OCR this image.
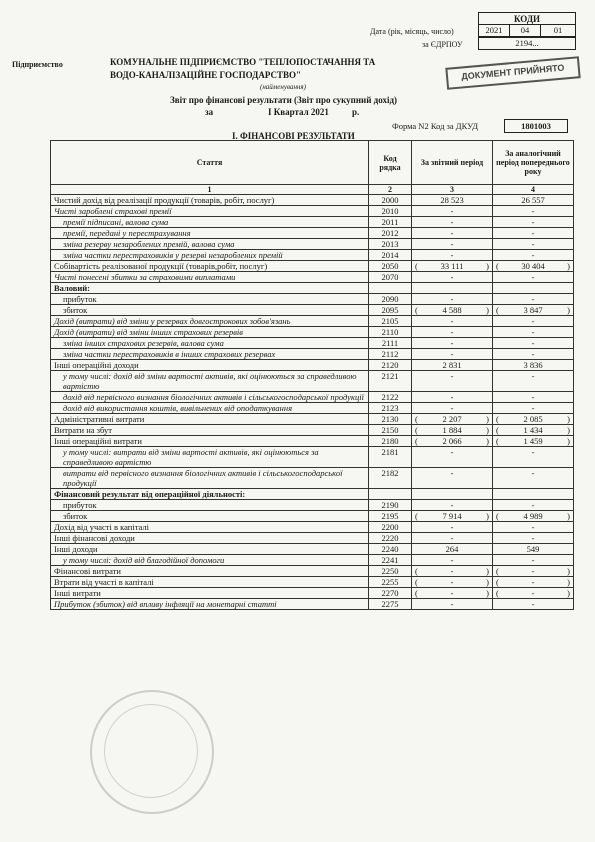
КОДИ
Дата (рік, місяць, число)	2021	04	01
за ЄДРПОУ	2194...
Підприємство	КОМУНАЛЬНЕ ПІДПРИЄМСТВО "ТЕПЛОПОСТАЧАННЯ ТА
ВОДО-КАНАЛІЗАЦІЙНЕ ГОСПОДАРСТВО"
(найменування)
ДОКУМЕНТ ПРИЙНЯТО
Звіт про фінансові результати (Звіт про сукупний дохід)
за	І Квартал 2021	р.
Форма N2 Код за ДКУД	1801003
І. ФІНАНСОВІ РЕЗУЛЬТАТИ
Стаття	Код рядка	За звітний період	За аналогічний період попереднього року
1	2	3	4
Чистий дохід від реалізації продукції (товарів, робіт, послуг)	2000	28 523	26 557
Чисті зароблені страхові премії	2010	-	-
премії підписані, валова сума	2011	-	-
премії, передані у перестрахування	2012	-	-
зміна резерву незароблених премій, валова сума	2013	-	-
зміна частки перестраховиків у резерві незароблених премій	2014	-	-
Собівартість реалізованої продукції (товарів,робіт, послуг)	2050	( 33 111 )	( 30 404 )

Чисті понесені збитки за страховими виплатами	2070	-	-
Валовий:			
прибуток	2090	-	-
збиток	2095	( 4 588 )	( 3 847 )

Дохід (витрати) від зміни у резервах довгострокових зобов'язань	2105	-	-
Дохід (витрати) від зміни інших страхових резервів	2110	-	-
зміна інших страхових резервів, валова сума	2111	-	-
зміна частки перестраховиків в інших страхових резервах	2112	-	-
Інші операційні доходи	2120	2 831	3 836
у тому числі: дохід від зміни вартості активів, які оцінюються за справедливою вартістю	2121	-	-
дохід від первісного визнання біологічних активів і сільськогосподарської продукції	2122	-	-
дохід від використання коштів, вивільнених від оподаткування	2123	-	-
Адміністративні витрати	2130	( 2 207 )	( 2 085 )

Витрати на збут	2150	( 1 884 )	( 1 434 )

Інші операційні витрати	2180	( 2 066 )	( 1 459 )

у тому числі: витрати від зміни вартості активів, які оцінюються за справедливою вартістю	2181	-	-
витрати від первісного визнання біологічних активів і сільськогосподарської продукції	2182	-	-
Фінансовий результат від операційної діяльності:			
прибуток	2190	-	-
збиток	2195	( 7 914 )	( 4 989 )

Дохід від участі в капіталі	2200	-	-
Інші фінансові доходи	2220	-	-
Інші доходи	2240	264	549
у тому числі: дохід від благодійної допомоги	2241	-	-
Фінансові витрати	2250	( - )	( - )

Втрати від участі в капіталі	2255	( - )	( - )

Інші витрати	2270	( - )	( - )

Прибуток (збиток) від впливу інфляції на монетарні статті	2275	-	-
